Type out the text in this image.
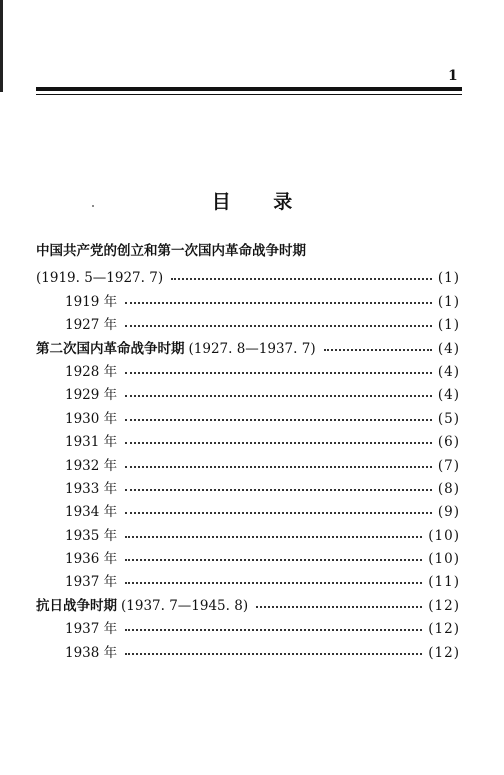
1
目 录
中国共产党的创立和第一次国内革命战争时期
(1919. 5—1927. 7)	(1)
1919 年	(1)
1927 年	(1)
第二次国内革命战争时期 (1927. 8—1937. 7)	(4)
1928 年	(4)
1929 年	(4)
1930 年	(5)
1931 年	(6)
1932 年	(7)
1933 年	(8)
1934 年	(9)
1935 年	(10)
1936 年	(10)
1937 年	(11)
抗日战争时期 (1937. 7—1945. 8)	(12)
1937 年	(12)
1938 年	(12)
